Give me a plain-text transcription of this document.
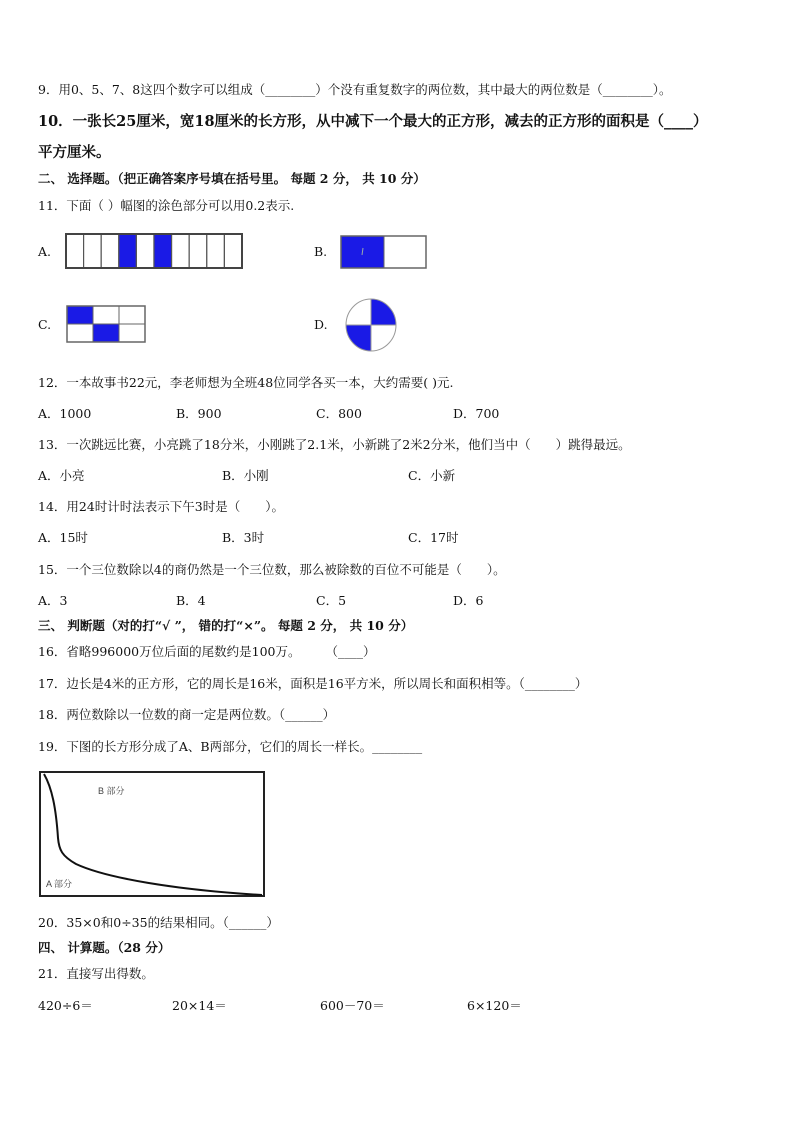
9．用0、5、7、8这四个数字可以组成（________）个没有重复数字的两位数，其中最大的两位数是（________）。
10．一张长25厘米，宽18厘米的长方形，从中减下一个最大的正方形，减去的正方形的面积是（____）
平方厘米。
二、 选择题。（把正确答案序号填在括号里。 每题 2 分， 共 10 分）
11．下面（ ）幅图的涂色部分可以用0.2表示.
A.	B.
C.	D.
12．一本故事书22元，李老师想为全班48位同学各买一本，大约需要( )元.
A．1000	B．900	C．800	D．700
13．一次跳远比赛，小亮跳了18分米，小刚跳了2.1米，小新跳了2米2分米，他们当中（　　）跳得最远。
A．小亮	B．小刚	C．小新
14．用24时计时法表示下午3时是（　　）。
A．15时	B．3时	C．17时
15．一个三位数除以4的商仍然是一个三位数，那么被除数的百位不可能是（　　）。
A．3	B．4	C．5	D．6
三、 判断题（对的打“√ ”， 错的打“×”。 每题 2 分， 共 10 分）
16．省略996000万位后面的尾数约是100万。　　　（____）
17．边长是4米的正方形，它的周长是16米，面积是16平方米，所以周长和面积相等。（________）
18．两位数除以一位数的商一定是两位数。（______）
19．下图的长方形分成了A、B两部分，它们的周长一样长。________
B 部分
A 部分
20．35×0和0÷35的结果相同。（______）
四、 计算题。（28 分）
21．直接写出得数。
420÷6＝	20×14＝	600－70＝	6×120＝
